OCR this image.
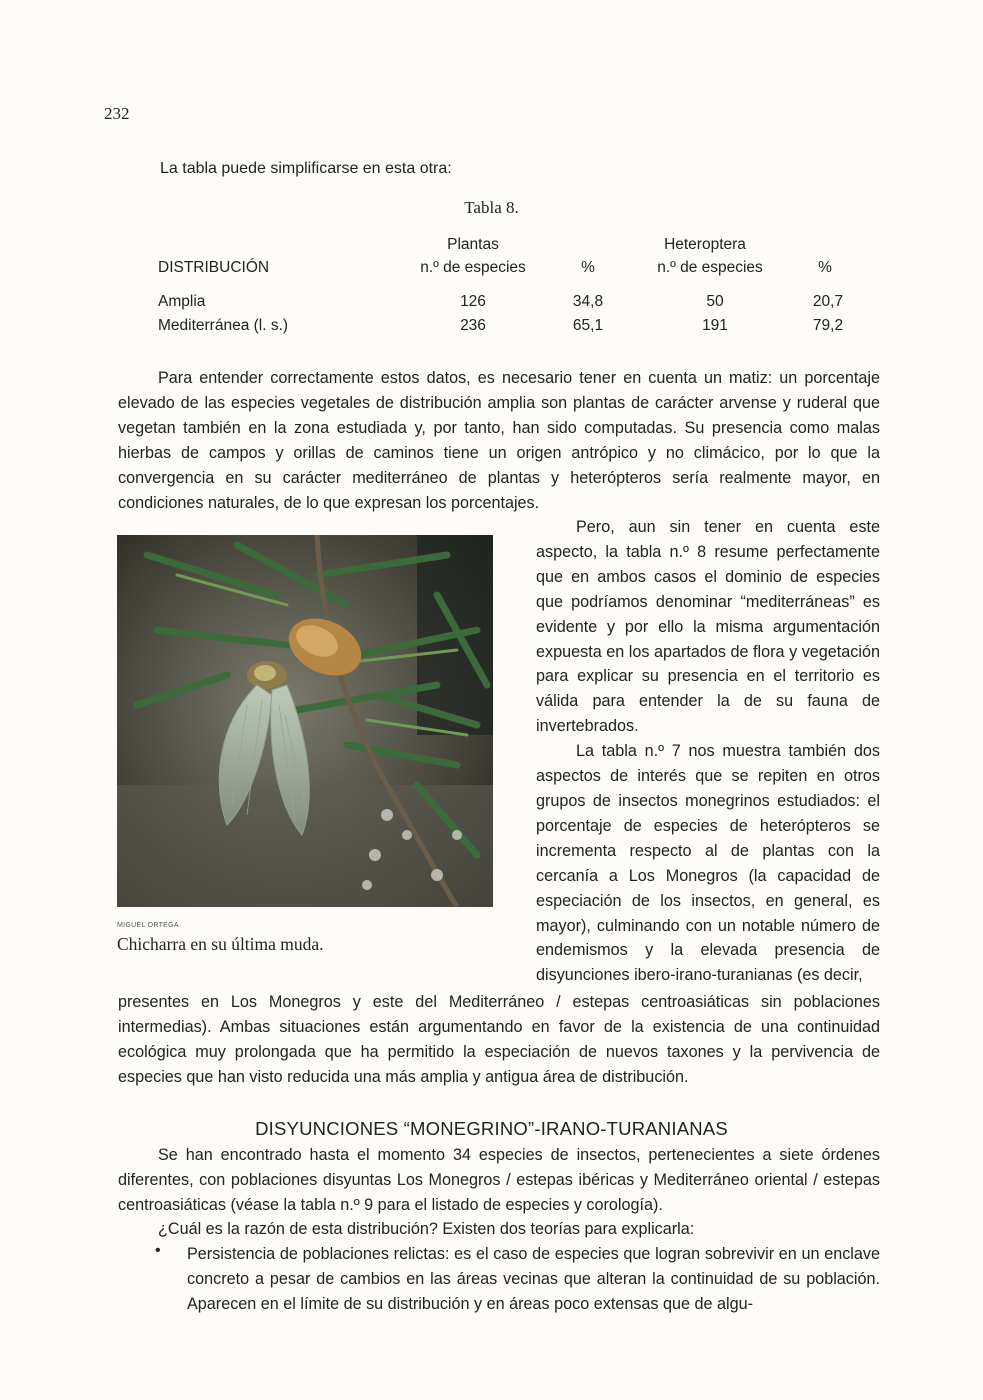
232
La tabla puede simplificarse en esta otra:
Tabla 8.
Plantas	Heteroptera
DISTRIBUCIÓN	n.º de especies	%	n.º de especies	%
Amplia	126	34,8	50	20,7
Mediterránea (l. s.)	236	65,1	191	79,2
Para entender correctamente estos datos, es necesario tener en cuenta un matiz: un porcentaje elevado de las especies vegetales de distribución amplia son plantas de carácter arvense y ruderal que vegetan también en la zona estudiada y, por tanto, han sido computadas. Su presencia como malas hierbas de campos y orillas de caminos tiene un origen antrópico y no climácico, por lo que la convergencia en su carácter mediterráneo de plantas y heterópteros sería realmente mayor, en condiciones naturales, de lo que expresan los porcentajes.
MIGUEL ORTEGA
Chicharra en su última muda.

Pero, aun sin tener en cuenta este aspecto, la tabla n.º 8 resume perfectamente que en ambos casos el dominio de especies que podríamos denominar “mediterráneas” es evidente y por ello la misma argumentación expuesta en los apartados de flora y vegetación para explicar su presencia en el territorio es válida para entender la de su fauna de invertebrados.

La tabla n.º 7 nos muestra también dos aspectos de interés que se repiten en otros grupos de insectos monegrinos estudiados: el porcentaje de especies de heterópteros se incrementa respecto al de plantas con la cercanía a Los Monegros (la capacidad de especiación de los insectos, en general, es mayor), culminando con un notable número de endemismos y la elevada presencia de disyunciones ibero-irano-turanianas (es decir,

presentes en Los Monegros y este del Mediterráneo / estepas centroasiáticas sin poblaciones intermedias). Ambas situaciones están argumentando en favor de la existencia de una continuidad ecológica muy prolongada que ha permitido la especiación de nuevos taxones y la pervivencia de especies que han visto reducida una más amplia y antigua área de distribución.
DISYUNCIONES “MONEGRINO”-IRANO-TURANIANAS
Se han encontrado hasta el momento 34 especies de insectos, pertenecientes a siete órdenes diferentes, con poblaciones disyuntas Los Monegros / estepas ibéricas y Mediterráneo oriental / estepas centroasiáticas (véase la tabla n.º 9 para el listado de especies y corología).
¿Cuál es la razón de esta distribución? Existen dos teorías para explicarla:
• Persistencia de poblaciones relictas: es el caso de especies que logran sobrevivir en un enclave concreto a pesar de cambios en las áreas vecinas que alteran la continuidad de su población. Aparecen en el límite de su distribución y en áreas poco extensas que de algu-
